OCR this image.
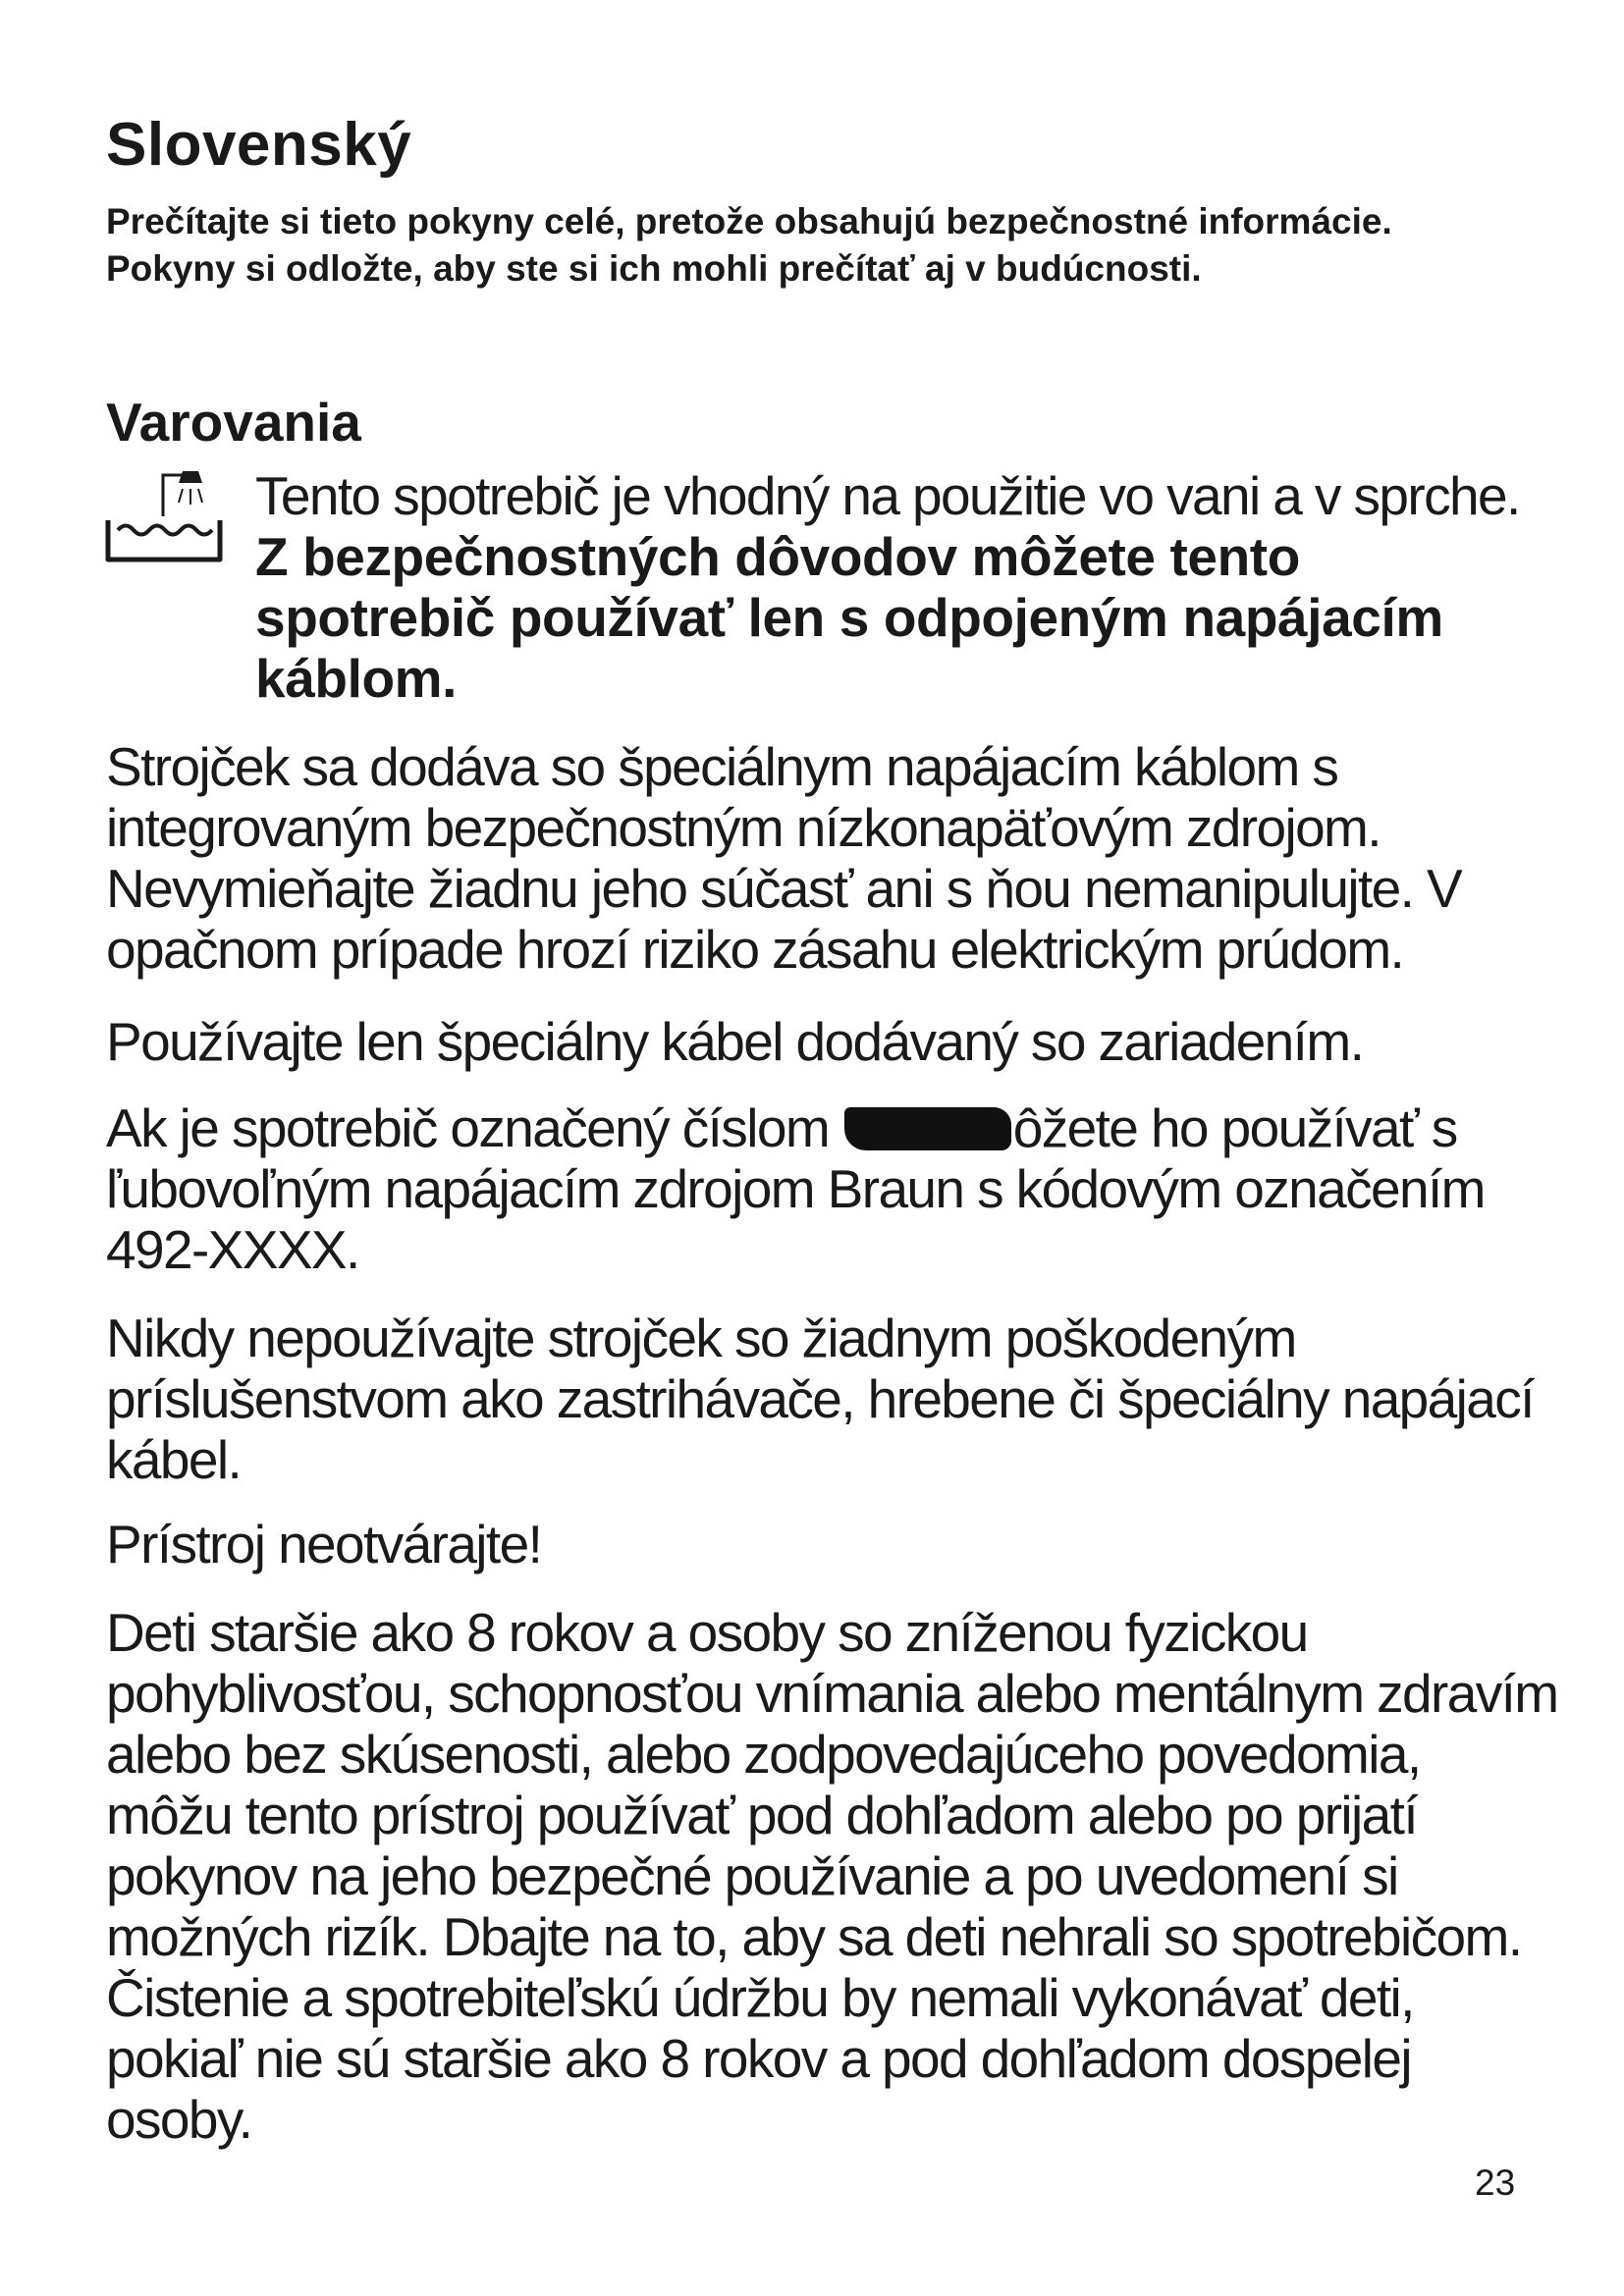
Slovenský

Prečítajte si tieto pokyny celé, pretože obsahujú bezpečnostné informácie. Pokyny si odložte, aby ste si ich mohli prečítať aj v budúcnosti.

Varovania
Tento spotrebič je vhodný na použitie vo vani a v sprche.
Z bezpečnostných dôvodov môžete tento spotrebič používať len s odpojeným napájacím káblom.

Strojček sa dodáva so špeciálnym napájacím káblom s integrovaným bezpečnostným nízkonapäťovým zdrojom. Nevymieňajte žiadnu jeho súčasť ani s ňou nemanipulujte. V opačnom prípade hrozí riziko zásahu elektrickým prúdom.

Používajte len špeciálny kábel dodávaný so zariadením.

Ak je spotrebič označený číslom	ôžete ho používať s ľubovoľným napájacím zdrojom Braun s kódovým označením 492-XXXX.

Nikdy nepoužívajte strojček so žiadnym poškodeným príslušenstvom ako zastrihávače, hrebene či špeciálny napájací kábel.

Prístroj neotvárajte!

Deti staršie ako 8 rokov a osoby so zníženou fyzickou pohyblivosťou, schopnosťou vnímania alebo mentálnym zdravím alebo bez skúsenosti, alebo zodpovedajúceho povedomia, môžu tento prístroj používať pod dohľadom alebo po prijatí pokynov na jeho bezpečné používanie a po uvedomení si možných rizík. Dbajte na to, aby sa deti nehrali so spotrebičom. Čistenie a spotrebiteľskú údržbu by nemali vykonávať deti, pokiaľ nie sú staršie ako 8 rokov a pod dohľadom dospelej osoby.

23
